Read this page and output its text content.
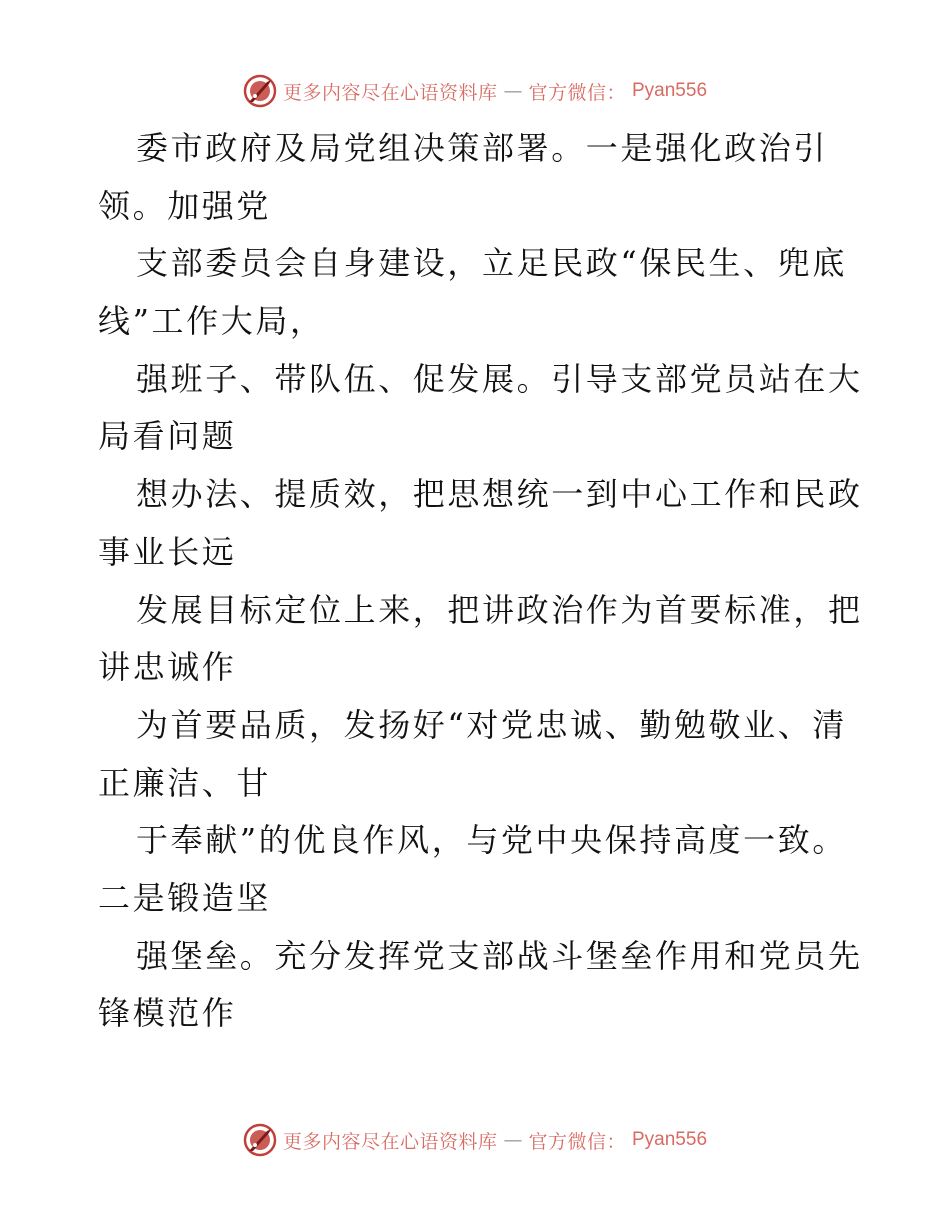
更多内容尽在心语资料库 — 官方微信： Pyan556
委市政府及局党组决策部署。一是强化政治引
领。加强党
支部委员会自身建设，立足民政“保民生、兜底
线”工作大局，
强班子、带队伍、促发展。引导支部党员站在大
局看问题
想办法、提质效，把思想统一到中心工作和民政
事业长远
发展目标定位上来，把讲政治作为首要标准，把
讲忠诚作
为首要品质，发扬好“对党忠诚、勤勉敬业、清
正廉洁、甘
于奉献”的优良作风，与党中央保持高度一致。
二是锻造坚
强堡垒。充分发挥党支部战斗堡垒作用和党员先
锋模范作
更多内容尽在心语资料库 — 官方微信： Pyan556
